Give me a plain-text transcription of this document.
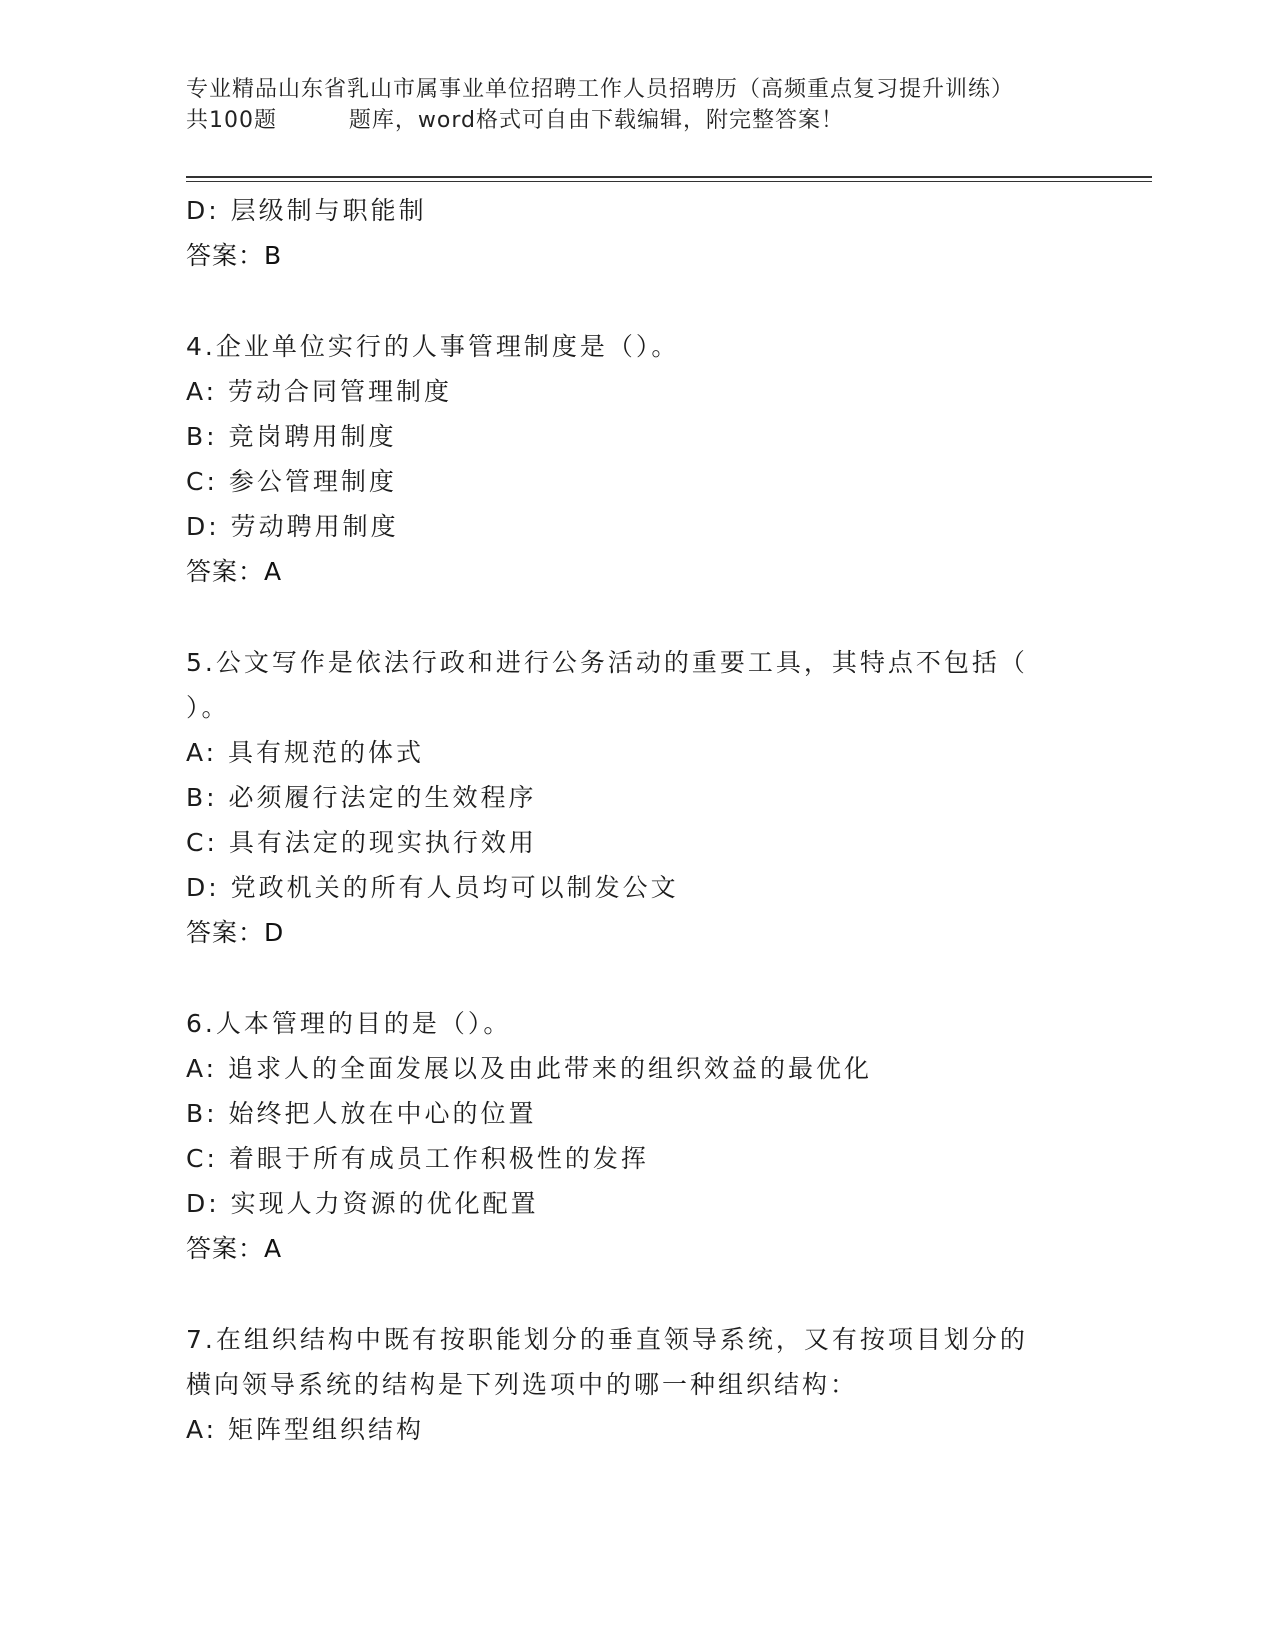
专业精品山东省乳山市属事业单位招聘工作人员招聘历（高频重点复习提升训练）
共100题         题库，word格式可自由下载编辑，附完整答案！
D: 层级制与职能制
答案：B
4.企业单位实行的人事管理制度是（）。
A: 劳动合同管理制度
B: 竞岗聘用制度
C: 参公管理制度
D: 劳动聘用制度
答案：A
5.公文写作是依法行政和进行公务活动的重要工具，其特点不包括（
）。
A: 具有规范的体式
B: 必须履行法定的生效程序
C: 具有法定的现实执行效用
D: 党政机关的所有人员均可以制发公文
答案：D
6.人本管理的目的是（）。
A: 追求人的全面发展以及由此带来的组织效益的最优化
B: 始终把人放在中心的位置
C: 着眼于所有成员工作积极性的发挥
D: 实现人力资源的优化配置
答案：A
7.在组织结构中既有按职能划分的垂直领导系统，又有按项目划分的
横向领导系统的结构是下列选项中的哪一种组织结构：
A: 矩阵型组织结构
